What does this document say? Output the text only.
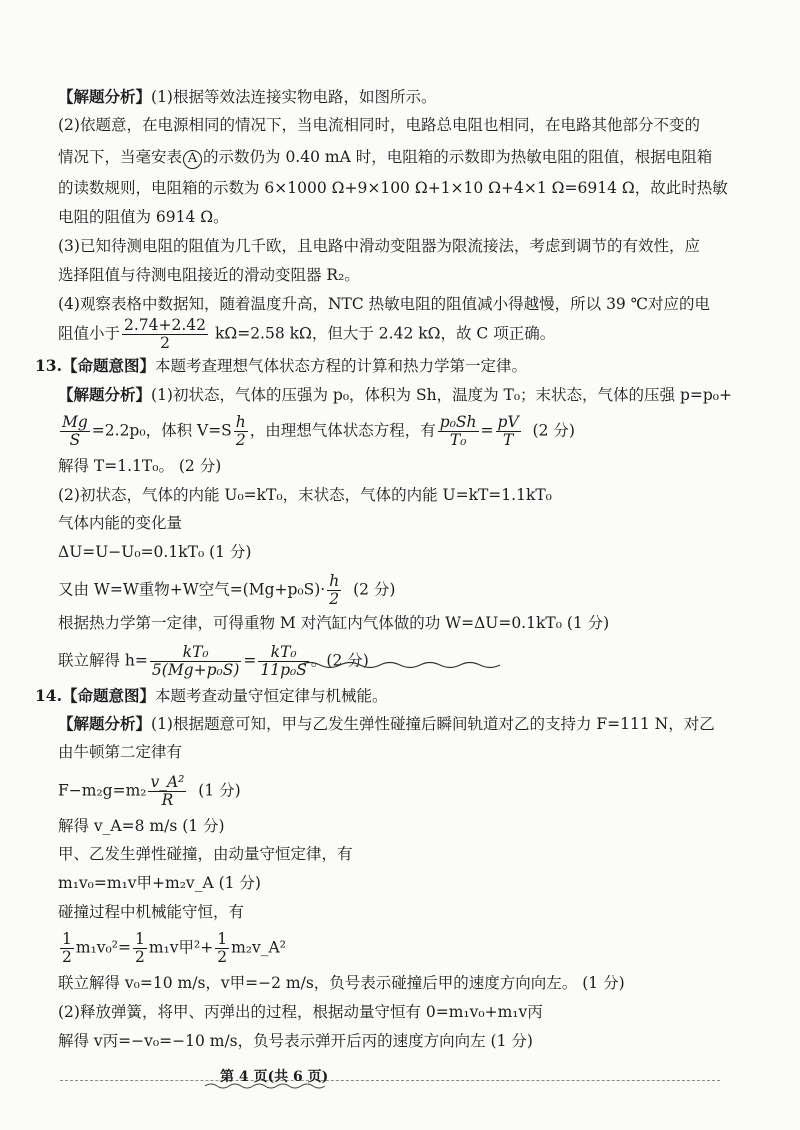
【解题分析】(1)根据等效法连接实物电路，如图所示。
(2)依题意，在电源相同的情况下，当电流相同时，电路总电阻也相同，在电路其他部分不变的
情况下，当毫安表 A 的示数仍为 0.40 mA 时，电阻箱的示数即为热敏电阻的阻值，根据电阻箱
的读数规则，电阻箱的示数为 6×1000 Ω+9×100 Ω+1×10 Ω+4×1 Ω=6914 Ω，故此时热敏
电阻的阻值为 6914 Ω。
(3)已知待测电阻的阻值为几千欧，且电路中滑动变阻器为限流接法，考虑到调节的有效性，应
选择阻值与待测电阻接近的滑动变阻器 R₂。
(4)观察表格中数据知，随着温度升高，NTC 热敏电阻的阻值减小得越慢，所以 39 ℃对应的电
阻值小于 $\frac{2.74+2.42}{2} k\Omega=2.58$ kΩ，但大于 2.42 kΩ，故 C 项正确。
13.【命题意图】本题考查理想气体状态方程的计算和热力学第一定律。
【解题分析】(1)初状态，气体的压强为 p₀，体积为 Sh，温度为 T₀；末状态，气体的压强 p=p₀+
$\frac{Mg}{S} =2.2p_0$，体积 $V=S \frac{h}{2}$ ，由理想气体状态方程，有 $\frac{\text{p₀Sh}}{\text{T₀}} = \frac{pV}{T} (2$ 分)
解得 T=1.1T₀。 (2 分)
(2)初状态，气体的内能 U₀=kT₀，末状态，气体的内能 U=kT=1.1kT₀
气体内能的变化量
ΔU=U−U₀=0.1kT₀ (1 分)
又由 W=W重物+W空气$=(Mg+p_0S)\cdot \frac{h}{2} (2$ 分)
根据热力学第一定律，可得重物 M 对汽缸内气体做的功 W=ΔU=0.1kT₀ (1 分)
联立解得 $h= \frac{\text{kT₀}}{\text{5(Mg+p₀S)}} = \frac{\text{kT₀}}{\text{11p₀S}}$ 。(2 分)
14.【命题意图】本题考查动量守恒定律与机械能。
【解题分析】(1)根据题意可知，甲与乙发生弹性碰撞后瞬间轨道对乙的支持力 F=111 N，对乙
由牛顿第二定律有
$F-m_2g=m_2 \frac{\text{v\_A²}}{R} (1$ 分)
解得 v_A=8 m/s (1 分)
甲、乙发生弹性碰撞，由动量守恒定律，有
m₁v₀=m₁v甲+m₂v_A (1 分)
碰撞过程中机械能守恒，有
$\frac{1}{2} m_1v_0^2= \frac{1}{2} m_1v$甲$^2+ \frac{1}{2}$ m₂v_A²
联立解得 v₀=10 m/s，v甲=−2 m/s，负号表示碰撞后甲的速度方向向左。 (1 分)
(2)释放弹簧，将甲、丙弹出的过程，根据动量守恒有 0=m₁v₀+m₁v丙
解得 v丙=−v₀=−10 m/s，负号表示弹开后丙的速度方向向左 (1 分)
第 4 页(共 6 页)
